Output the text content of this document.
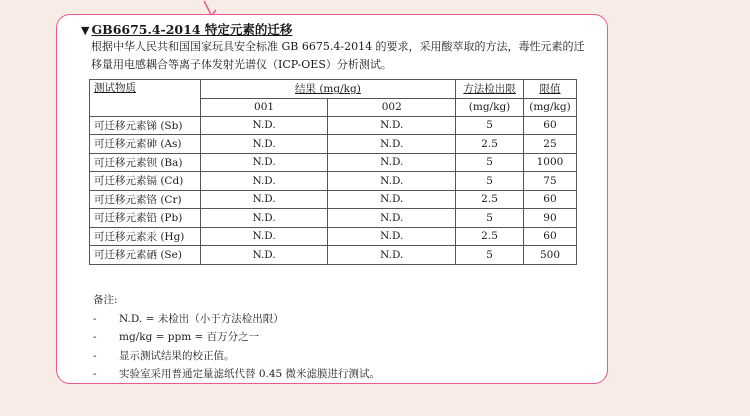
▼ GB6675.4-2014 特定元素的迁移
根据中华人民共和国国家玩具安全标准 GB 6675.4-2014 的要求，采用酸萃取的方法，毒性元素的迁
移量用电感耦合等离子体发射光谱仪（ICP-OES）分析测试。
测试物质	结果 (mg/kg)		方法检出限	限值
	001	002	(mg/kg)	(mg/kg)
可迁移元素锑 (Sb)	N.D.	N.D.	5	60
可迁移元素砷 (As)	N.D.	N.D.	2.5	25
可迁移元素钡 (Ba)	N.D.	N.D.	5	1000
可迁移元素镉 (Cd)	N.D.	N.D.	5	75
可迁移元素铬 (Cr)	N.D.	N.D.	2.5	60
可迁移元素铅 (Pb)	N.D.	N.D.	5	90
可迁移元素汞 (Hg)	N.D.	N.D.	2.5	60
可迁移元素硒 (Se)	N.D.	N.D.	5	500
备注:
-	N.D. = 未检出（小于方法检出限）
-	mg/kg = ppm = 百万分之一
-	显示测试结果的校正值。
-	实验室采用普通定量滤纸代替 0.45 微米滤膜进行测试。
